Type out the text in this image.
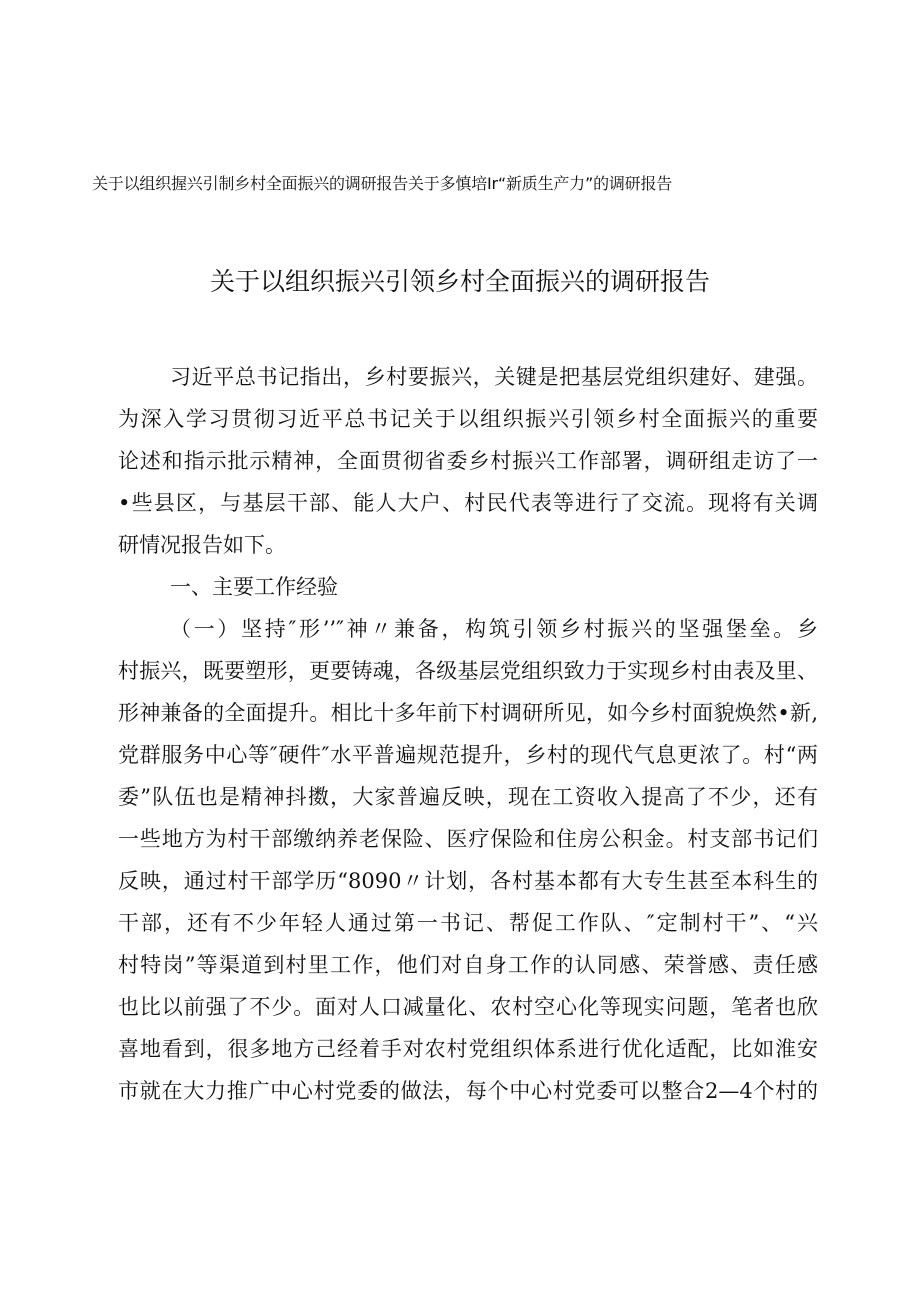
关于以组织握兴引制乡村全面振兴的调研报告关于多慎培Ir“新质生产力”的调研报告
关于以组织振兴引领乡村全面振兴的调研报告
习近平总书记指出，乡村要振兴，关键是把基层党组织建好、建强。
为深入学习贯彻习近平总书记关于以组织振兴引领乡村全面振兴的重要
论述和指示批示精神，全面贯彻省委乡村振兴工作部署，调研组走访了一
•些县区，与基层干部、能人大户、村民代表等进行了交流。现将有关调
研情况报告如下。
一、主要工作经验
（一）坚持″形’’″神〃兼备，构筑引领乡村振兴的坚强堡垒。乡
村振兴，既要塑形，更要铸魂，各级基层党组织致力于实现乡村由表及里、
形神兼备的全面提升。相比十多年前下村调研所见，如今乡村面貌焕然•新,
党群服务中心等″硬件″水平普遍规范提升，乡村的现代气息更浓了。村“两
委”队伍也是精神抖擞，大家普遍反映，现在工资收入提高了不少，还有
一些地方为村干部缴纳养老保险、医疗保险和住房公积金。村支部书记们
反映，通过村干部学历“8090〃计划，各村基本都有大专生甚至本科生的
干部，还有不少年轻人通过第一书记、帮促工作队、″定制村干”、“兴
村特岗”等渠道到村里工作，他们对自身工作的认同感、荣誉感、责任感
也比以前强了不少。面对人口减量化、农村空心化等现实问题，笔者也欣
喜地看到，很多地方己经着手对农村党组织体系进行优化适配，比如淮安
市就在大力推广中心村党委的做法，每个中心村党委可以整合2—4个村的
